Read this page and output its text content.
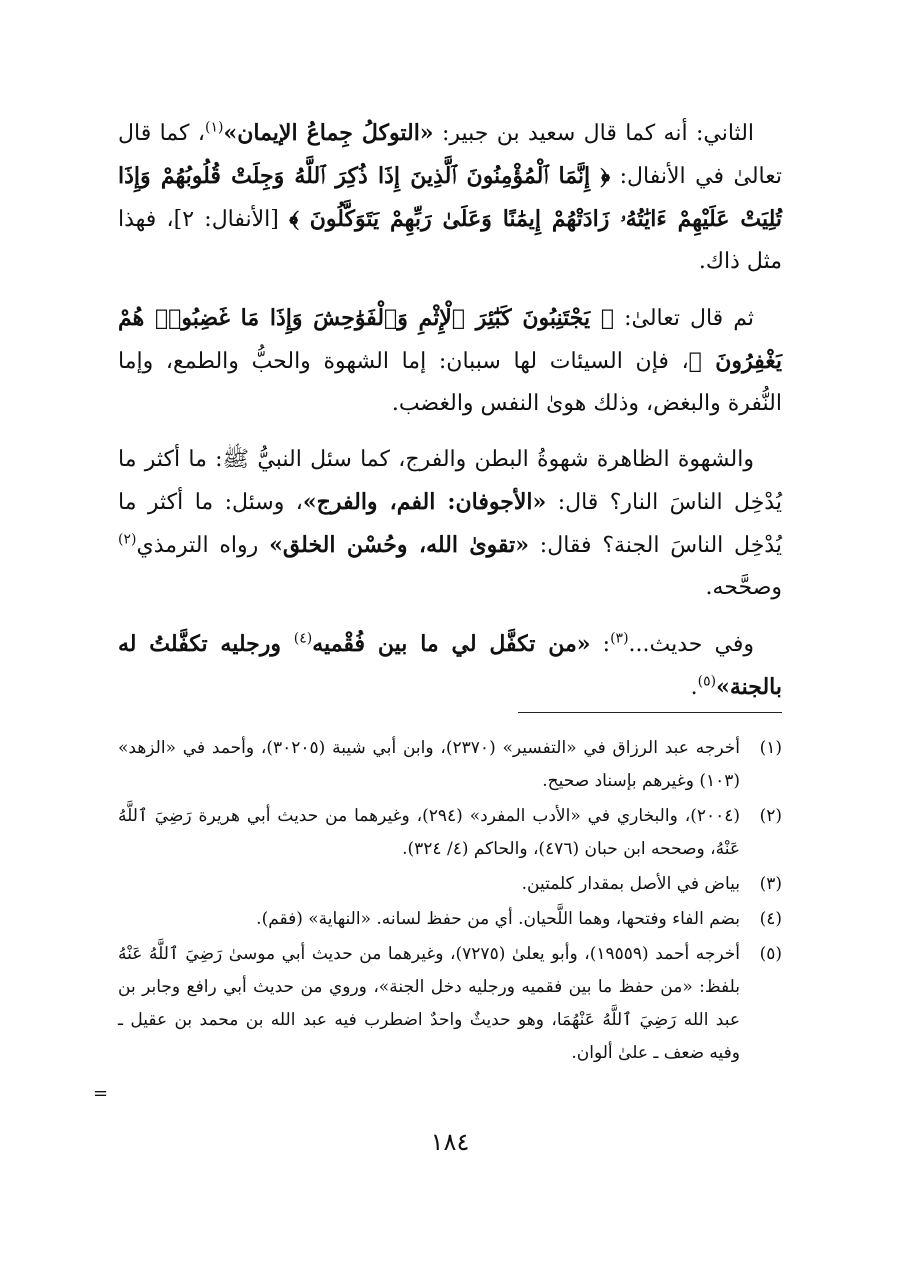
الثاني: أنه كما قال سعيد بن جبير: «التوكلُ جِماعُ الإيمان»$^{(١)}$، كما قال تعالىٰ في الأنفال: ﴿ إِنَّمَا ٱلْمُؤْمِنُونَ ٱلَّذِينَ إِذَا ذُكِرَ ٱللَّهُ وَجِلَتْ قُلُوبُهُمْ وَإِذَا تُلِيَتْ عَلَيْهِمْ ءَايَٰتُهُۥ زَادَتْهُمْ إِيمَٰنًا وَعَلَىٰ رَبِّهِمْ يَتَوَكَّلُونَ ﴾ [الأنفال: ٢]، فهذا مثل ذاك.

ثم قال تعالىٰ: ﴿ يَجْتَنِبُونَ كَبَٰٓئِرَ ٱلْإِثْمِ وَٱلْفَوَٰحِشَ وَإِذَا مَا غَضِبُوا۟ هُمْ يَغْفِرُونَ ﴾، فإن السيئات لها سببان: إما الشهوة والحبُّ والطمع، وإما النُّفرة والبغض، وذلك هوىٰ النفس والغضب.

والشهوة الظاهرة شهوةُ البطن والفرج، كما سئل النبيُّ ﷺ: ما أكثر ما يُدْخِل الناسَ النار؟ قال: «الأجوفان: الفم، والفرج»، وسئل: ما أكثر ما يُدْخِل الناسَ الجنة؟ فقال: «تقوىٰ الله، وحُسْن الخلق» رواه الترمذي$^{(٢)}$ وصحَّحه.

وفي حديث...$^{(٣)}$: «من تكفَّل لي ما بين فُقْميه$^{(٤)}$ ورجليه تكفَّلتُ له بالجنة»$^{(٥)}$.

(١)
أخرجه عبد الرزاق في «التفسير» (٢٣٧٠)، وابن أبي شيبة (٣٠٢٠٥)، وأحمد في «الزهد» (١٠٣) وغيرهم بإسناد صحيح.
(٢)
(٢٠٠٤)، والبخاري في «الأدب المفرد» (٢٩٤)، وغيرهما من حديث أبي هريرة رَضِيَ ٱللَّهُ عَنْهُ، وصححه ابن حبان (٤٧٦)، والحاكم (٤/ ٣٢٤).
(٣)
بياض في الأصل بمقدار كلمتين.
(٤)
بضم الفاء وفتحها، وهما اللَّحيان. أي من حفظ لسانه. «النهاية» (فقم).
(٥)
أخرجه أحمد (١٩٥٥٩)، وأبو يعلىٰ (٧٢٧٥)، وغيرهما من حديث أبي موسىٰ رَضِيَ ٱللَّهُ عَنْهُ بلفظ: «من حفظ ما بين فقميه ورجليه دخل الجنة»، وروي من حديث أبي رافع وجابر بن عبد الله رَضِيَ ٱللَّهُ عَنْهُمَا، وهو حديثٌ واحدٌ اضطرب فيه عبد الله بن محمد بن عقيل ـ وفيه ضعف ـ علىٰ ألوان.
=
١٨٤
